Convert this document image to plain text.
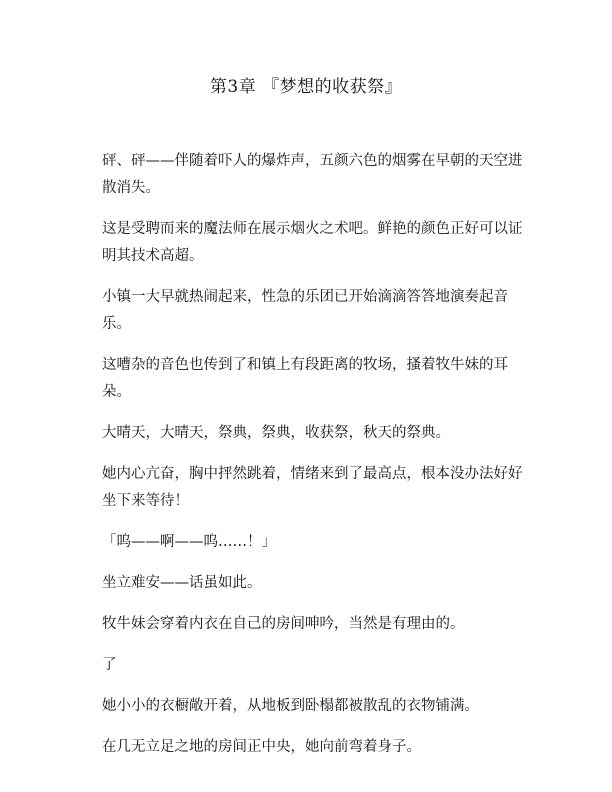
第3章 『梦想的收获祭』

砰、砰——伴随着吓人的爆炸声，五颜六色的烟雾在早朝的天空进散消失。

这是受聘而来的魔法师在展示烟火之术吧。鲜艳的颜色正好可以证明其技术高超。

小镇一大早就热闹起来，性急的乐团已开始滴滴答答地演奏起音乐。

这嘈杂的音色也传到了和镇上有段距离的牧场，搔着牧牛妹的耳朵。

大晴天，大晴天，祭典，祭典，收获祭，秋天的祭典。

她内心亢奋，胸中抨然跳着，情绪来到了最高点，根本没办法好好坐下来等待！

「呜——啊——呜……！」

坐立难安——话虽如此。

牧牛妹会穿着内衣在自己的房间呻吟，当然是有理由的。

了

她小小的衣橱敞开着，从地板到卧榻都被散乱的衣物铺满。

在几无立足之地的房间正中央，她向前弯着身子。
